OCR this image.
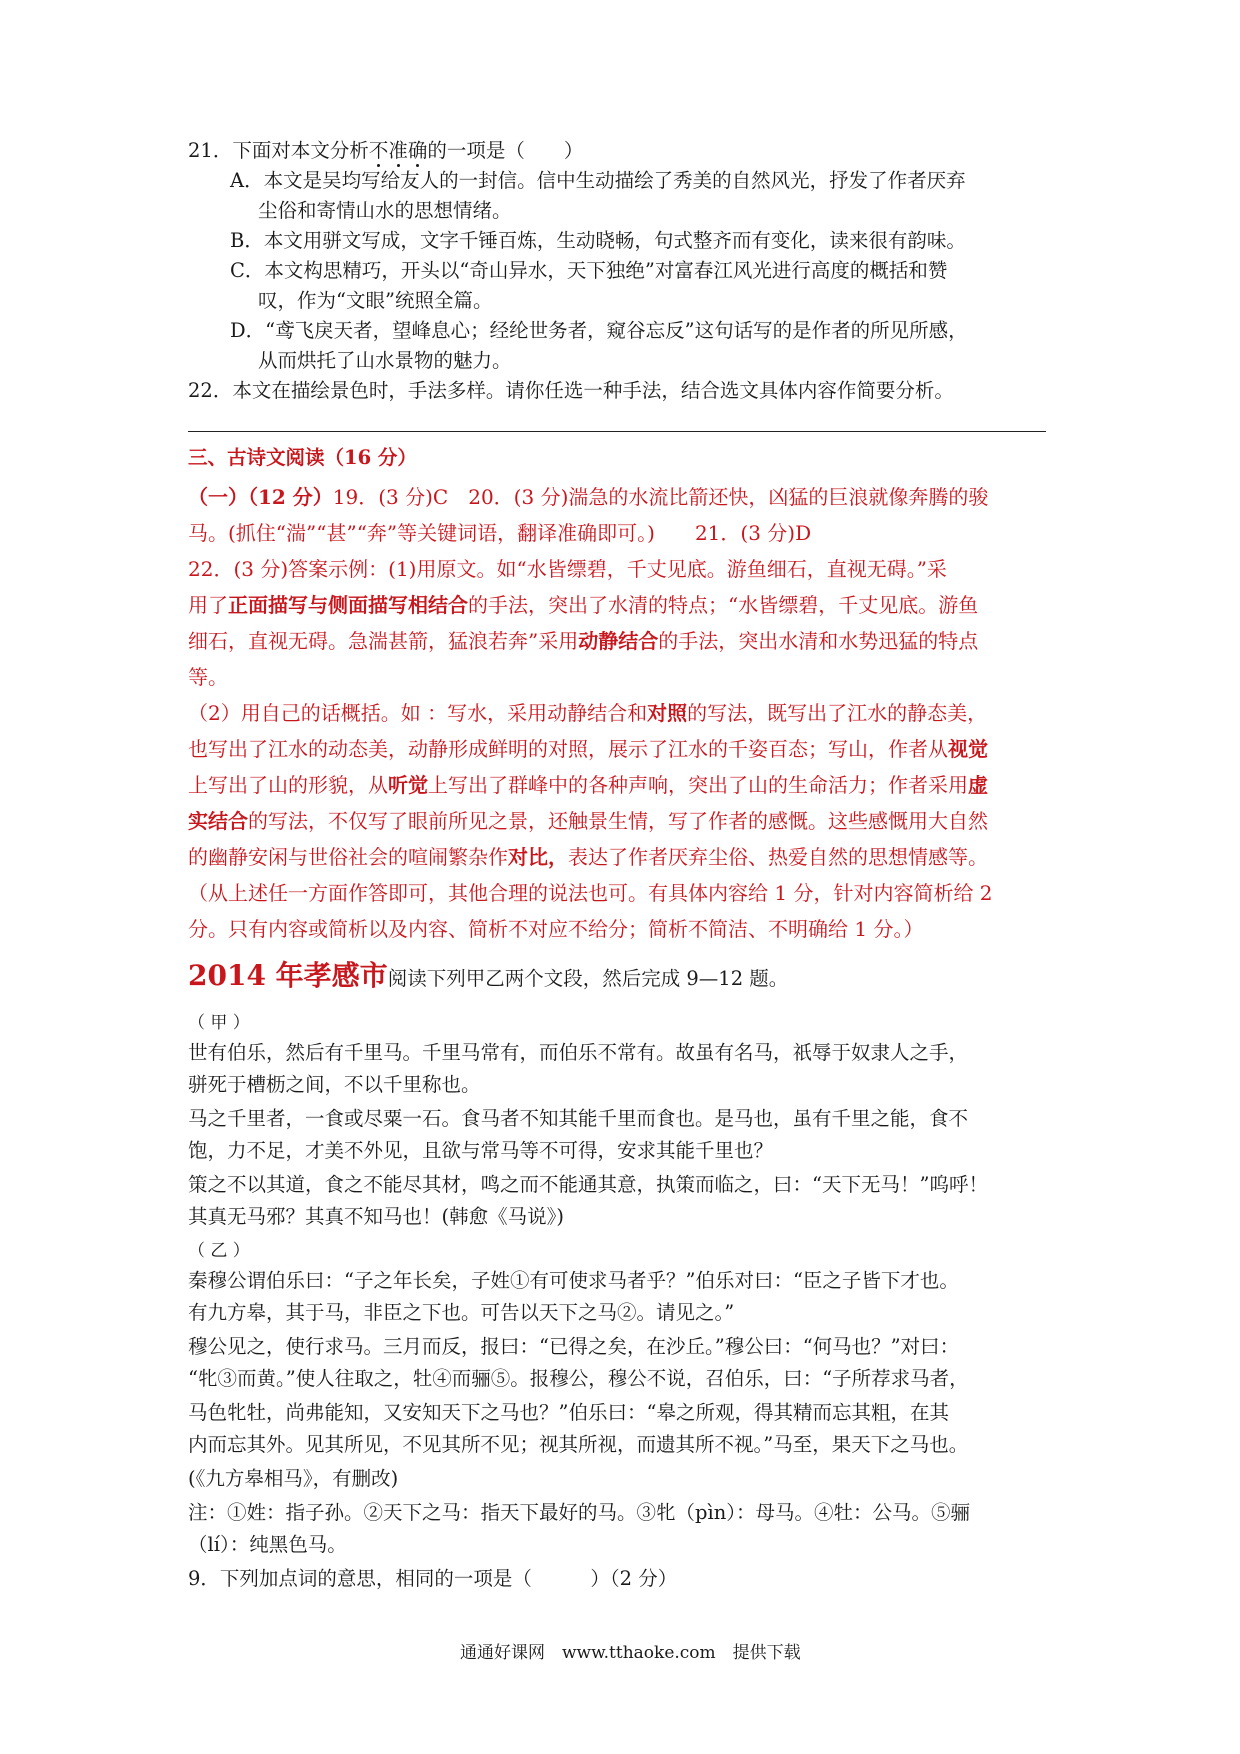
21．下面对本文分析不准确的一项是（　　）
A．本文是吴均写给友人的一封信。信中生动描绘了秀美的自然风光，抒发了作者厌弃
尘俗和寄情山水的思想情绪。
B．本文用骈文写成，文字千锤百炼，生动晓畅，句式整齐而有变化，读来很有韵味。
C．本文构思精巧，开头以“奇山异水，天下独绝”对富春江风光进行高度的概括和赞
叹，作为“文眼”统照全篇。
D．“鸢飞戾天者，望峰息心；经纶世务者，窥谷忘反”这句话写的是作者的所见所感，
从而烘托了山水景物的魅力。
22．本文在描绘景色时，手法多样。请你任选一种手法，结合选文具体内容作简要分析。
三、古诗文阅读（16 分）
（一）（12 分）19．(3 分)C　20．(3 分)湍急的水流比箭还快，凶猛的巨浪就像奔腾的骏
马。(抓住“湍”“甚”“奔”等关键词语，翻译准确即可。)　　21．(3 分)D
22．(3 分)答案示例：(1)用原文。如“水皆缥碧，千丈见底。游鱼细石，直视无碍。”采
用了正面描写与侧面描写相结合的手法，突出了水清的特点；“水皆缥碧，千丈见底。游鱼
细石，直视无碍。急湍甚箭，猛浪若奔”采用动静结合的手法，突出水清和水势迅猛的特点
等。
（2）用自己的话概括。如 ：写水，采用动静结合和对照的写法，既写出了江水的静态美，
也写出了江水的动态美，动静形成鲜明的对照，展示了江水的千姿百态；写山，作者从视觉
上写出了山的形貌，从听觉上写出了群峰中的各种声响，突出了山的生命活力；作者采用虚
实结合的写法，不仅写了眼前所见之景，还触景生情，写了作者的感慨。这些感慨用大自然
的幽静安闲与世俗社会的喧闹繁杂作对比，表达了作者厌弃尘俗、热爱自然的思想情感等。
（从上述任一方面作答即可，其他合理的说法也可。有具体内容给 1 分，针对内容简析给 2
分。只有内容或简析以及内容、简析不对应不给分；简析不简洁、不明确给 1 分。）
2014 年孝感市阅读下列甲乙两个文段，然后完成 9—12 题。
（ 甲 ）
世有伯乐，然后有千里马。千里马常有，而伯乐不常有。故虽有名马，祇辱于奴隶人之手，
骈死于槽枥之间，不以千里称也。
马之千里者，一食或尽粟一石。食马者不知其能千里而食也。是马也，虽有千里之能，食不
饱，力不足，才美不外见，且欲与常马等不可得，安求其能千里也？
策之不以其道，食之不能尽其材，鸣之而不能通其意，执策而临之，曰：“天下无马！”呜呼！
其真无马邪？其真不知马也！(韩愈《马说》)
（ 乙 ）
秦穆公谓伯乐曰：“子之年长矣，子姓①有可使求马者乎？”伯乐对曰：“臣之子皆下才也。
有九方皋，其于马，非臣之下也。可告以天下之马②。请见之。”
穆公见之，使行求马。三月而反，报曰：“已得之矣，在沙丘。”穆公曰：“何马也？”对曰：
“牝③而黄。”使人往取之，牡④而骊⑤。报穆公，穆公不说，召伯乐，曰：“子所荐求马者，
马色牝牡，尚弗能知，又安知天下之马也？”伯乐曰：“皋之所观，得其精而忘其粗，在其
内而忘其外。见其所见，不见其所不见；视其所视，而遗其所不视。”马至，果天下之马也。
(《九方皋相马》，有删改)
注：①姓：指子孙。②天下之马：指天下最好的马。③牝（pìn）：母马。④牡：公马。⑤骊
（lí）：纯黑色马。
9．下列加点词的意思，相同的一项是（　　　）（2 分）
通通好课网　www.tthaoke.com　提供下载
